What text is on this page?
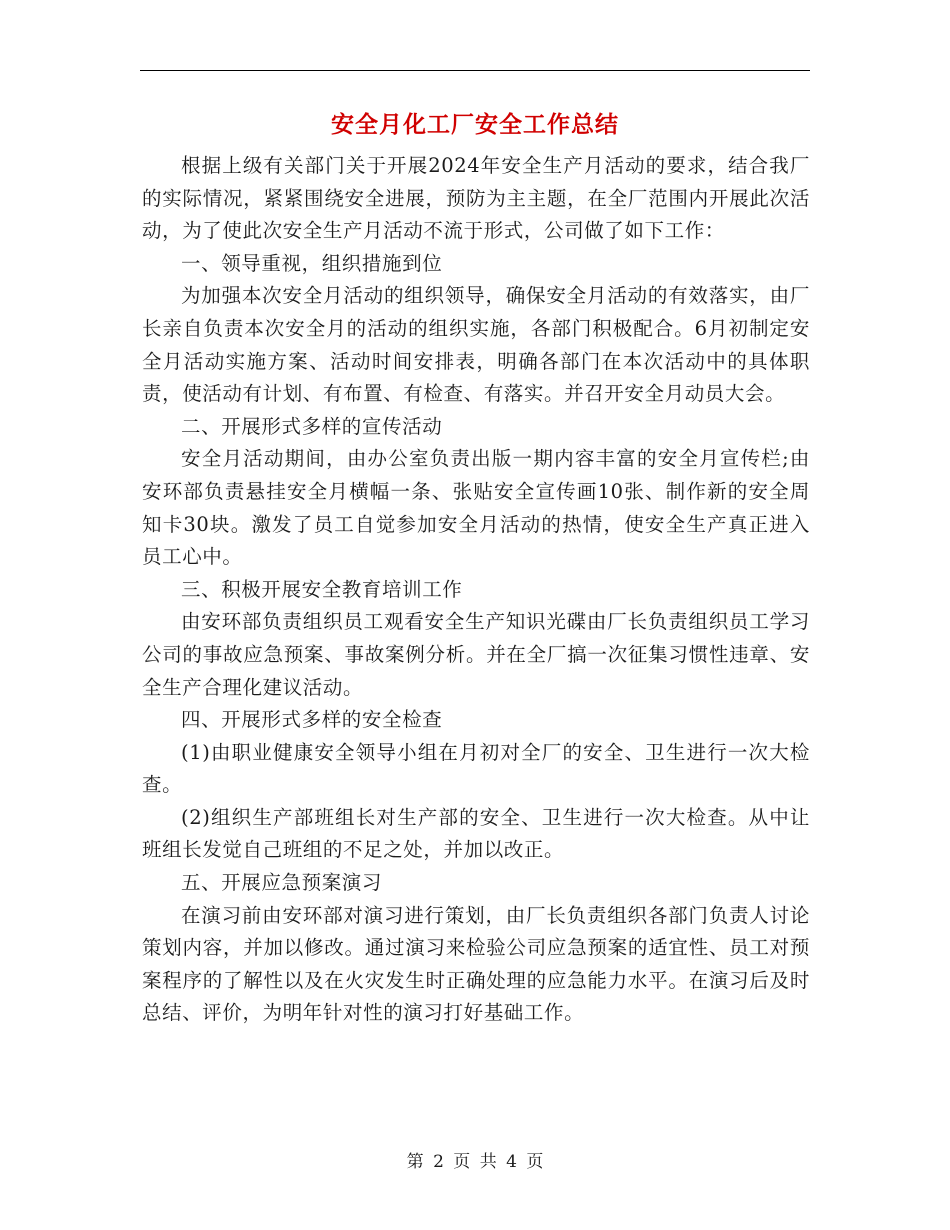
安全月化工厂安全工作总结

根据上级有关部门关于开展2024年安全生产月活动的要求，结合我厂的实际情况，紧紧围绕安全进展，预防为主主题，在全厂范围内开展此次活动，为了使此次安全生产月活动不流于形式，公司做了如下工作：

一、领导重视，组织措施到位

为加强本次安全月活动的组织领导，确保安全月活动的有效落实，由厂长亲自负责本次安全月的活动的组织实施，各部门积极配合。6月初制定安全月活动实施方案、活动时间安排表，明确各部门在本次活动中的具体职责，使活动有计划、有布置、有检查、有落实。并召开安全月动员大会。

二、开展形式多样的宣传活动

安全月活动期间，由办公室负责出版一期内容丰富的安全月宣传栏;由安环部负责悬挂安全月横幅一条、张贴安全宣传画10张、制作新的安全周知卡30块。激发了员工自觉参加安全月活动的热情，使安全生产真正进入员工心中。

三、积极开展安全教育培训工作

由安环部负责组织员工观看安全生产知识光碟由厂长负责组织员工学习公司的事故应急预案、事故案例分析。并在全厂搞一次征集习惯性违章、安全生产合理化建议活动。

四、开展形式多样的安全检查

(1)由职业健康安全领导小组在月初对全厂的安全、卫生进行一次大检查。

(2)组织生产部班组长对生产部的安全、卫生进行一次大检查。从中让班组长发觉自己班组的不足之处，并加以改正。

五、开展应急预案演习

在演习前由安环部对演习进行策划，由厂长负责组织各部门负责人讨论策划内容，并加以修改。通过演习来检验公司应急预案的适宜性、员工对预案程序的了解性以及在火灾发生时正确处理的应急能力水平。在演习后及时总结、评价，为明年针对性的演习打好基础工作。

第 2 页 共 4 页
